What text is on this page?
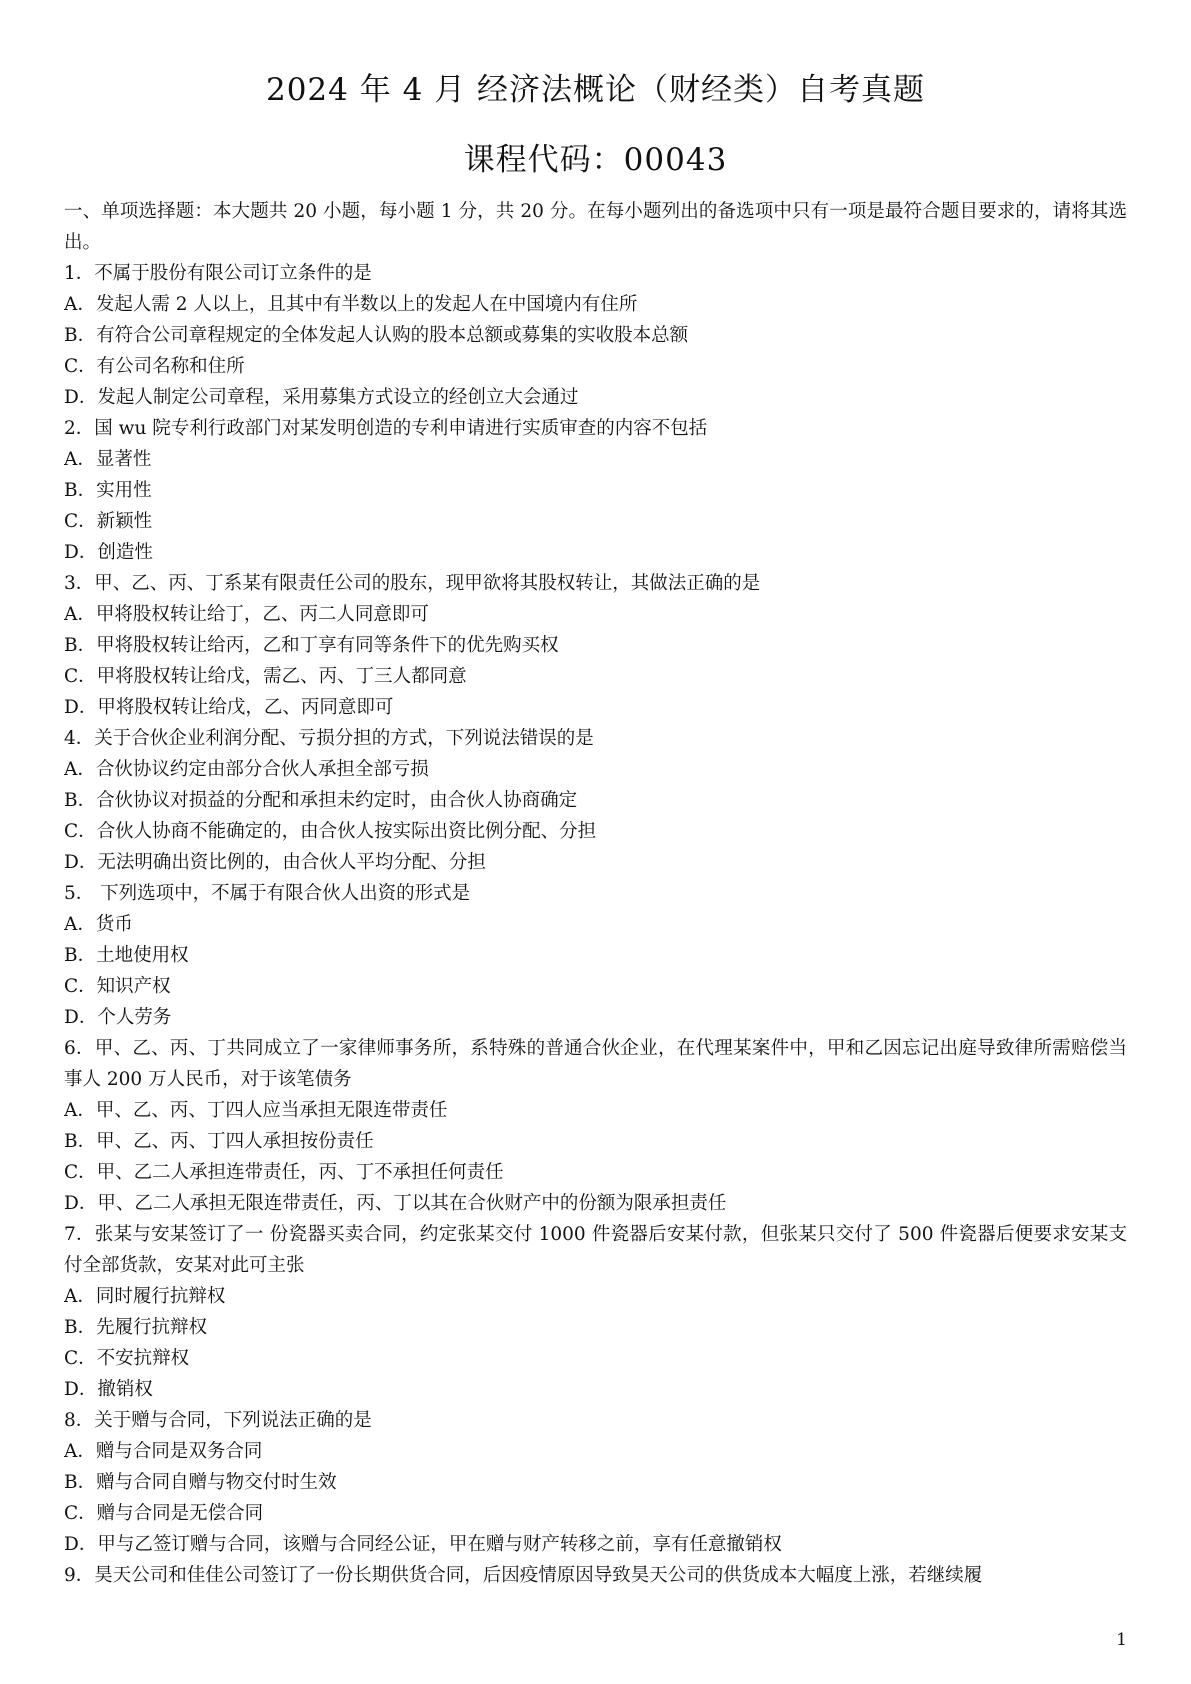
2024 年 4 月 经济法概论（财经类）自考真题
课程代码：00043
一、单项选择题：本大题共 20 小题，每小题 1 分，共 20 分。在每小题列出的备选项中只有一项是最符合题目要求的，请将其选出。
1．不属于股份有限公司订立条件的是
A．发起人需 2 人以上，且其中有半数以上的发起人在中国境内有住所
B．有符合公司章程规定的全体发起人认购的股本总额或募集的实收股本总额
C．有公司名称和住所
D．发起人制定公司章程，采用募集方式设立的经创立大会通过
2．国 wu 院专利行政部门对某发明创造的专利申请进行实质审查的内容不包括
A．显著性
B．实用性
C．新颖性
D．创造性
3．甲、乙、丙、丁系某有限责任公司的股东，现甲欲将其股权转让，其做法正确的是
A．甲将股权转让给丁，乙、丙二人同意即可
B．甲将股权转让给丙，乙和丁享有同等条件下的优先购买权
C．甲将股权转让给戊，需乙、丙、丁三人都同意
D．甲将股权转让给戊，乙、丙同意即可
4．关于合伙企业利润分配、亏损分担的方式，下列说法错误的是
A．合伙协议约定由部分合伙人承担全部亏损
B．合伙协议对损益的分配和承担未约定时，由合伙人协商确定
C．合伙人协商不能确定的，由合伙人按实际出资比例分配、分担
D．无法明确出资比例的，由合伙人平均分配、分担
5． 下列选项中，不属于有限合伙人出资的形式是
A．货币
B．土地使用权
C．知识产权
D．个人劳务
6．甲、乙、丙、丁共同成立了一家律师事务所，系特殊的普通合伙企业，在代理某案件中，甲和乙因忘记出庭导致律所需赔偿当事人 200 万人民币，对于该笔债务
A．甲、乙、丙、丁四人应当承担无限连带责任
B．甲、乙、丙、丁四人承担按份责任
C．甲、乙二人承担连带责任，丙、丁不承担任何责任
D．甲、乙二人承担无限连带责任，丙、丁以其在合伙财产中的份额为限承担责任
7．张某与安某签订了一 份瓷器买卖合同，约定张某交付 1000 件瓷器后安某付款，但张某只交付了 500 件瓷器后便要求安某支付全部货款，安某对此可主张
A．同时履行抗辩权
B．先履行抗辩权
C．不安抗辩权
D．撤销权
8．关于赠与合同，下列说法正确的是
A．赠与合同是双务合同
B．赠与合同自赠与物交付时生效
C．赠与合同是无偿合同
D．甲与乙签订赠与合同，该赠与合同经公证，甲在赠与财产转移之前，享有任意撤销权
9．昊天公司和佳佳公司签订了一份长期供货合同，后因疫情原因导致昊天公司的供货成本大幅度上涨，若继续履
1
